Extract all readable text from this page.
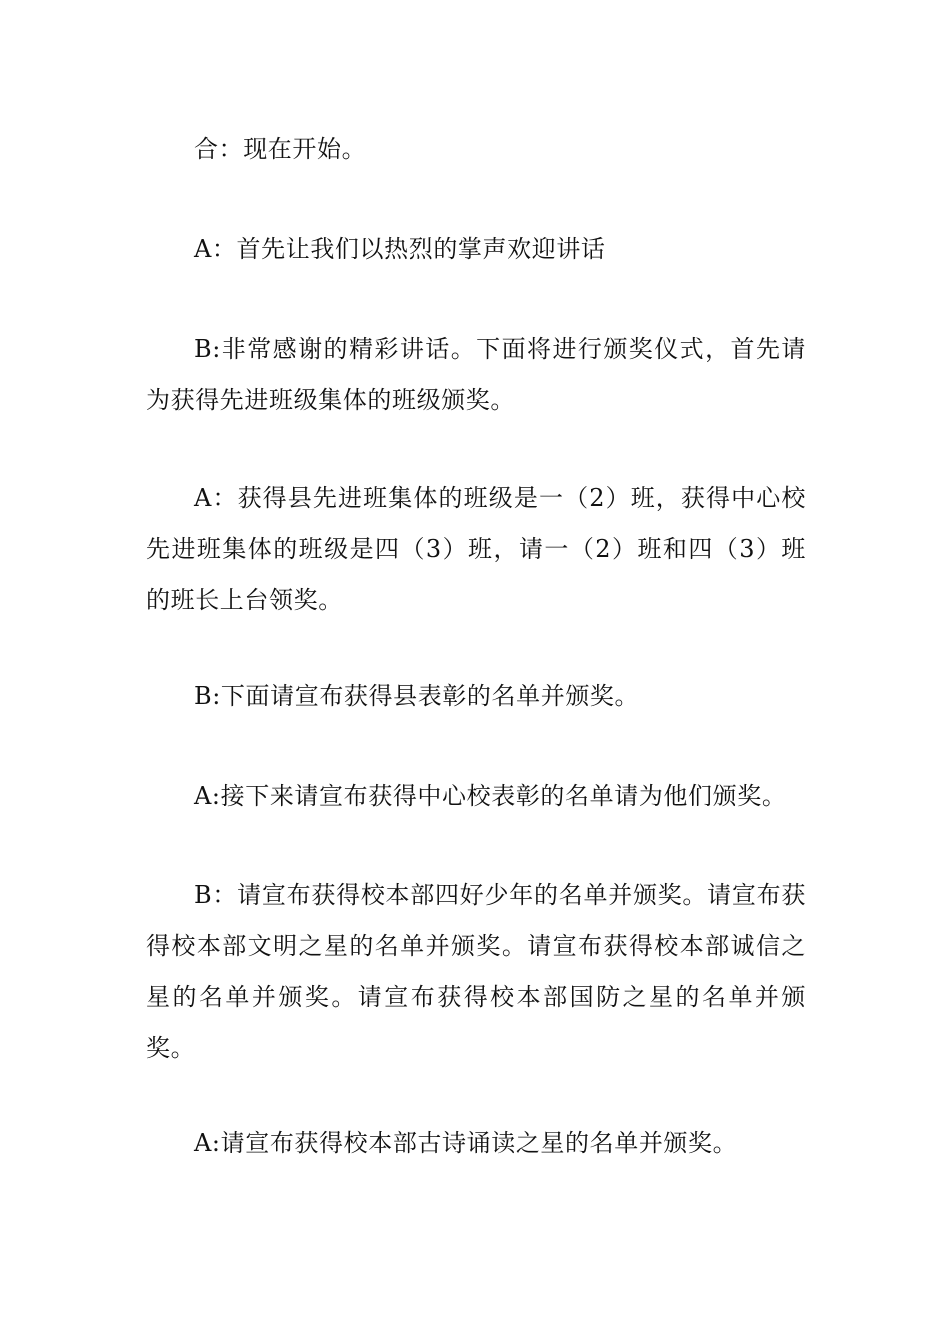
合：现在开始。

A：首先让我们以热烈的掌声欢迎讲话

B:非常感谢的精彩讲话。下面将进行颁奖仪式，首先请为获得先进班级集体的班级颁奖。

A：获得县先进班集体的班级是一（2）班，获得中心校先进班集体的班级是四（3）班，请一（2）班和四（3）班的班长上台领奖。

B:下面请宣布获得县表彰的名单并颁奖。

A:接下来请宣布获得中心校表彰的名单请为他们颁奖。

B：请宣布获得校本部四好少年的名单并颁奖。请宣布获得校本部文明之星的名单并颁奖。请宣布获得校本部诚信之星的名单并颁奖。请宣布获得校本部国防之星的名单并颁奖。

A:请宣布获得校本部古诗诵读之星的名单并颁奖。
